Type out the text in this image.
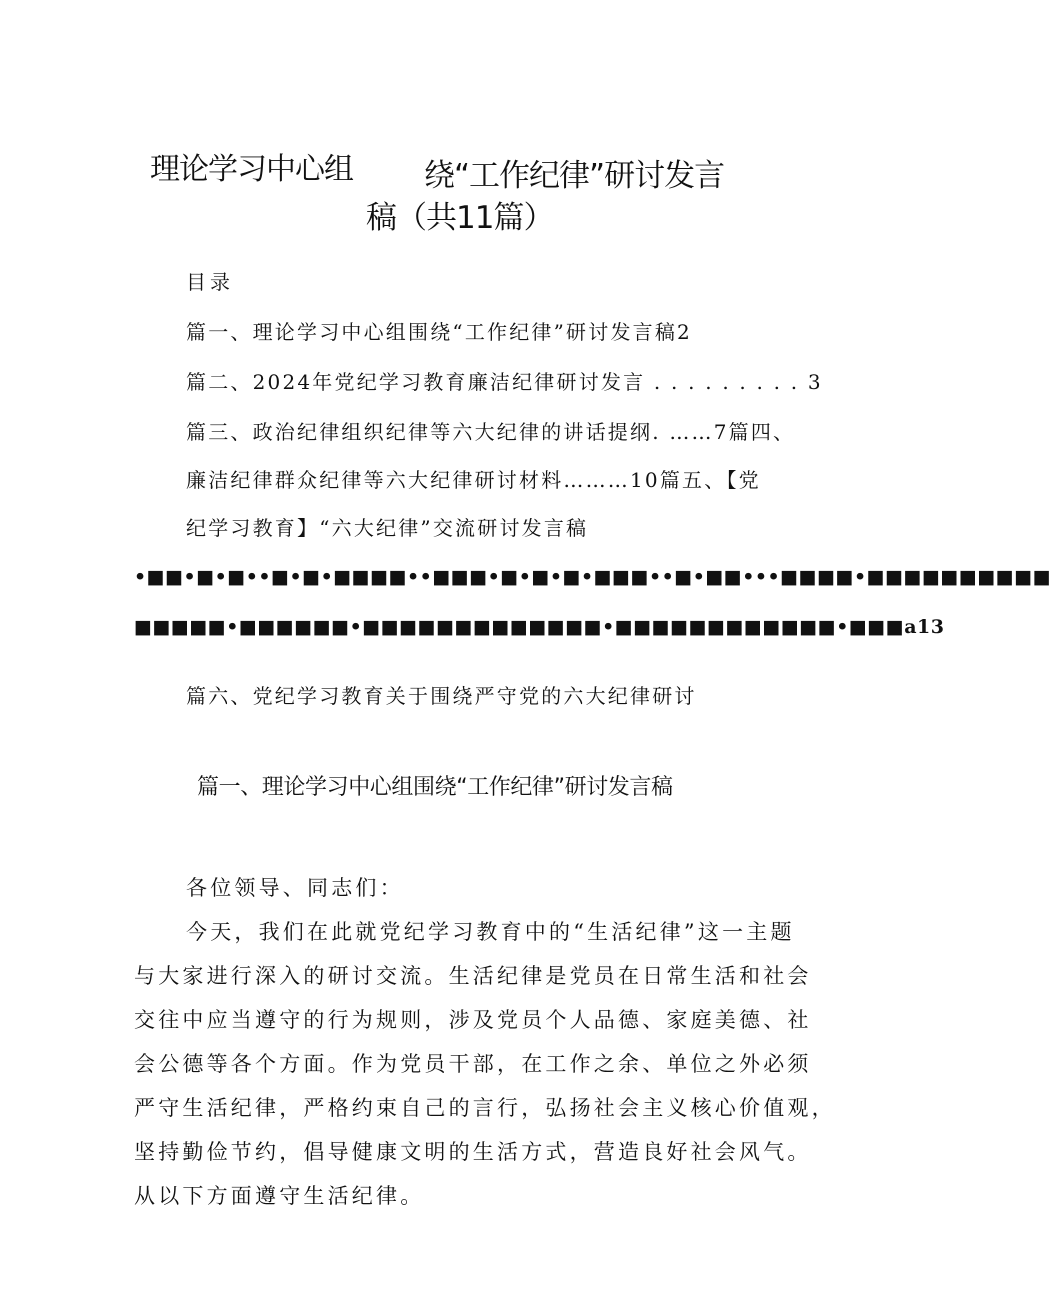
理论学习中心组 绕“工作纪律”研讨发言
稿（共11篇）
目录
篇一、理论学习中心组围绕“工作纪律”研讨发言稿2
篇二、2024年党纪学习教育廉洁纪律研讨发言 . . . . . . . . . 3
篇三、政治纪律组织纪律等六大纪律的讲话提纲. ……7篇四、
廉洁纪律群众纪律等六大纪律研讨材料………10篇五、【党
纪学习教育】“六大纪律”交流研讨发言稿
•■■•■•■••■•■•■■■■••■■■•■•■•■•■■■••■•■■•••■■■■•■■■■■■■■■■
■■■■■•■■■■■■•■■■■■■■■■■■■■•■■■■■■■■■■■■•■■■a13
篇六、党纪学习教育关于围绕严守党的六大纪律研讨
篇一、理论学习中心组围绕“工作纪律”研讨发言稿
各位领导、同志们：
今天，我们在此就党纪学习教育中的“生活纪律”这一主题
与大家进行深入的研讨交流。生活纪律是党员在日常生活和社会
交往中应当遵守的行为规则，涉及党员个人品德、家庭美德、社
会公德等各个方面。作为党员干部，在工作之余、单位之外必须
严守生活纪律，严格约束自己的言行，弘扬社会主义核心价值观，
坚持勤俭节约，倡导健康文明的生活方式，营造良好社会风气。
从以下方面遵守生活纪律。
